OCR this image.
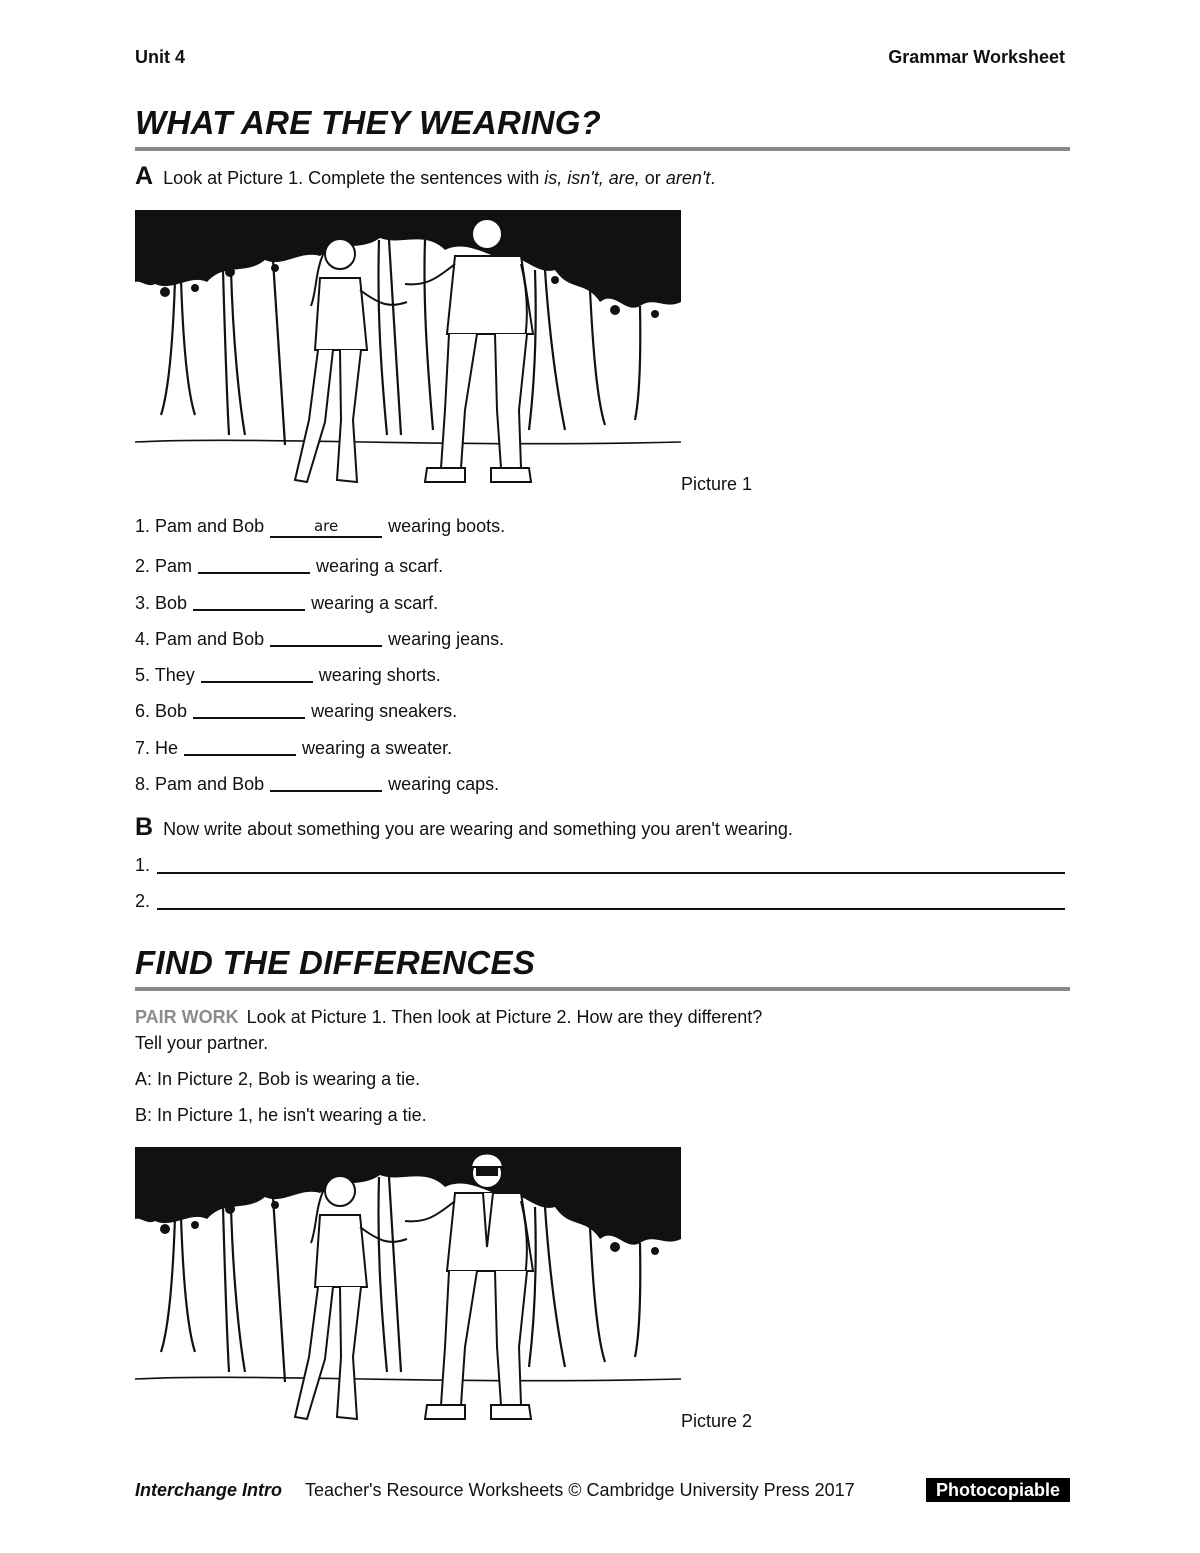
Unit 4	Grammar Worksheet
WHAT ARE THEY WEARING?
A Look at Picture 1. Complete the sentences with is, isn't, are, or aren't.
Picture 1
1. Pam and Bob	are	wearing boots.
2. Pam	wearing a scarf.
3. Bob	wearing a scarf.
4. Pam and Bob	wearing jeans.
5. They	wearing shorts.
6. Bob	wearing sneakers.
7. He	wearing a sweater.
8. Pam and Bob	wearing caps.
B Now write about something you are wearing and something you aren't wearing.
1.
2.
FIND THE DIFFERENCES
PAIR WORK Look at Picture 1. Then look at Picture 2. How are they different?
Tell your partner.
A: In Picture 2, Bob is wearing a tie.
B: In Picture 1, he isn't wearing a tie.
Picture 2
Interchange Intro Teacher's Resource Worksheets © Cambridge University Press 2017	Photocopiable
